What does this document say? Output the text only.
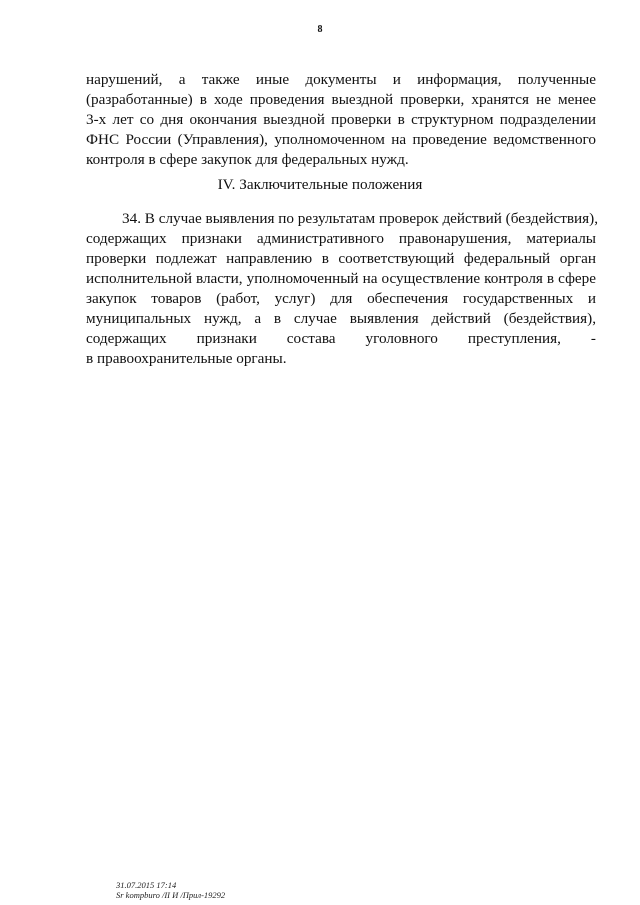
8
нарушений, а также иные документы и информация, полученные
(разработанные) в ходе проведения выездной проверки, хранятся не менее
3-х лет со дня окончания выездной проверки в структурном подразделении
ФНС России (Управления), уполномоченном на проведение ведомственного
контроля в сфере закупок для федеральных нужд.
IV. Заключительные положения
34. В случае выявления по результатам проверок действий (бездействия),
содержащих признаки административного правонарушения, материалы
проверки подлежат направлению в соответствующий федеральный орган
исполнительной власти, уполномоченный на осуществление контроля в сфере
закупок товаров (работ, услуг) для обеспечения государственных и
муниципальных нужд, а в случае выявления действий (бездействия),
содержащих признаки состава уголовного преступления, -
в правоохранительные органы.
31.07.2015 17:14
Sr kompburo /II И /Прил-19292
